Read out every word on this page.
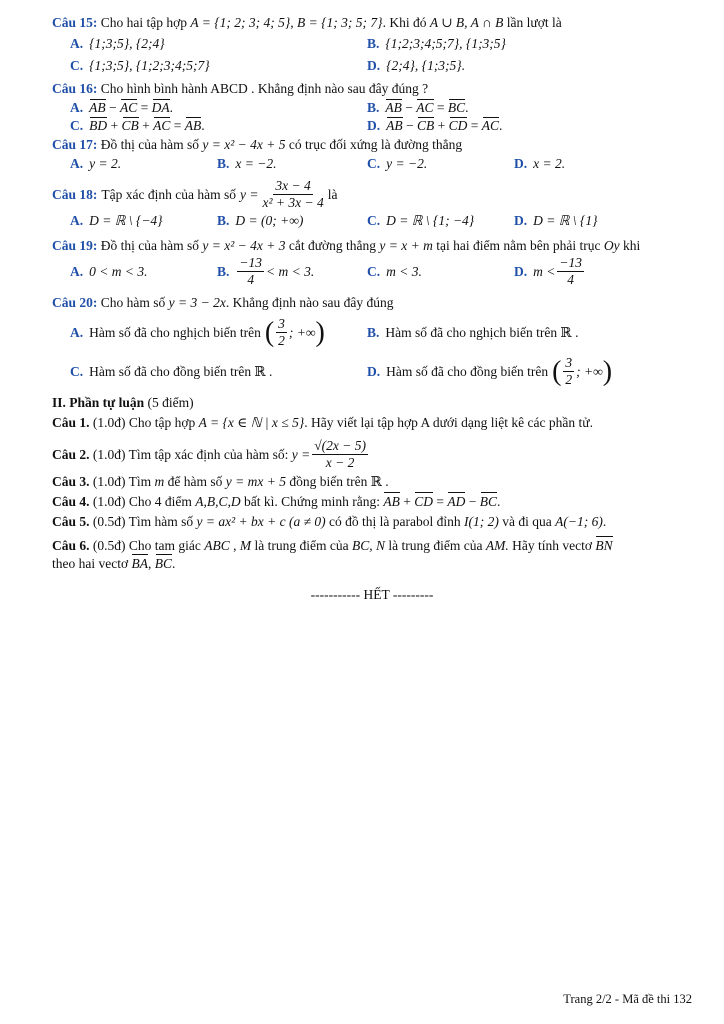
Câu 15: Cho hai tập hợp A = {1; 2; 3; 4; 5}, B = {1; 3; 5; 7}. Khi đó A ∪ B, A ∩ B lần lượt là
A. {1;3;5}, {2;4}	B. {1;2;3;4;5;7}, {1;3;5}
C. {1;3;5}, {1;2;3;4;5;7}	D. {2;4}, {1;3;5}.
Câu 16: Cho hình bình hành ABCD . Khẳng định nào sau đây đúng ?
A. AB − AC = DA.	B. AB − AC = BC.
C. BD + CB + AC = AB.	D. AB − CB + CD = AC.
Câu 17: Đồ thị của hàm số y = x² − 4x + 5 có trục đối xứng là đường thẳng
A. y = 2.	B. x = −2.	C. y = −2.	D. x = 2.
Câu 18: Tập xác định của hàm số $y = \frac{3x - 4}{\text{x² + 3x − 4}}$ là
A. D = ℝ \ {−4}	B. D = (0; +∞)	C. D = ℝ \ {1; −4}	D. D = ℝ \ {1}
Câu 19: Đồ thị của hàm số y = x² − 4x + 3 cắt đường thẳng y = x + m tại hai điểm nằm bên phải trục Oy khi
A. 0 < m < 3.	B. $\frac{-13}{4} < m < 3$.	C. m < 3.	D. $m < \frac{-13}{4}$
Câu 20: Cho hàm số y = 3 − 2x. Khẳng định nào sau đây đúng
A. Hàm số đã cho nghịch biến trên ( $\frac{3}{2}$ ; +∞ )	B. Hàm số đã cho nghịch biến trên ℝ .
C. Hàm số đã cho đồng biến trên ℝ .	D. Hàm số đã cho đồng biến trên ( $\frac{3}{2}$ ; +∞ )
II. Phần tự luận (5 điểm)
Câu 1. (1.0đ) Cho tập hợp A = {x ∈ ℕ | x ≤ 5}. Hãy viết lại tập hợp A dưới dạng liệt kê các phần tử.
Câu 2. (1.0đ) Tìm tập xác định của hàm số: $y = \frac{√(2x - 5)}{x - 2}$
Câu 3. (1.0đ) Tìm m để hàm số y = mx + 5 đồng biến trên ℝ .
Câu 4. (1.0đ) Cho 4 điểm A,B,C,D bất kì. Chứng minh rằng: AB + CD = AD − BC.
Câu 5. (0.5đ) Tìm hàm số y = ax² + bx + c (a ≠ 0) có đồ thị là parabol đỉnh I(1; 2) và đi qua A(−1; 6).
Câu 6. (0.5đ) Cho tam giác ABC , M là trung điểm của BC, N là trung điểm của AM. Hãy tính vectơ BN
theo hai vectơ BA, BC.
----------- HẾT ---------
Trang 2/2 - Mã đề thi 132
